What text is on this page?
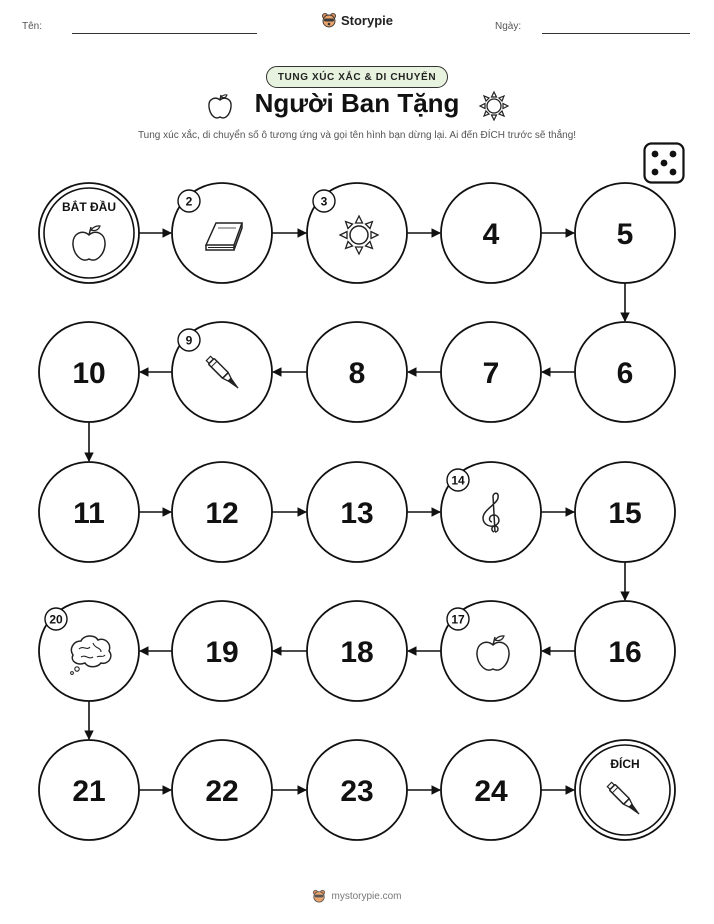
Tên:	Storypie	Ngày:
TUNG XÚC XẮC & DI CHUYỂN
Người Ban Tặng
Tung xúc xắc, di chuyển số ô tương ứng và gọi tên hình bạn dừng lại. Ai đến ĐÍCH trước sẽ thắng!
BẮT ĐẦU	2	3
4	5
6
7
8
9
10
11	12	13
14
15
16
17
18
19
20
21	22	23	24
ĐÍCH
mystorypie.com
